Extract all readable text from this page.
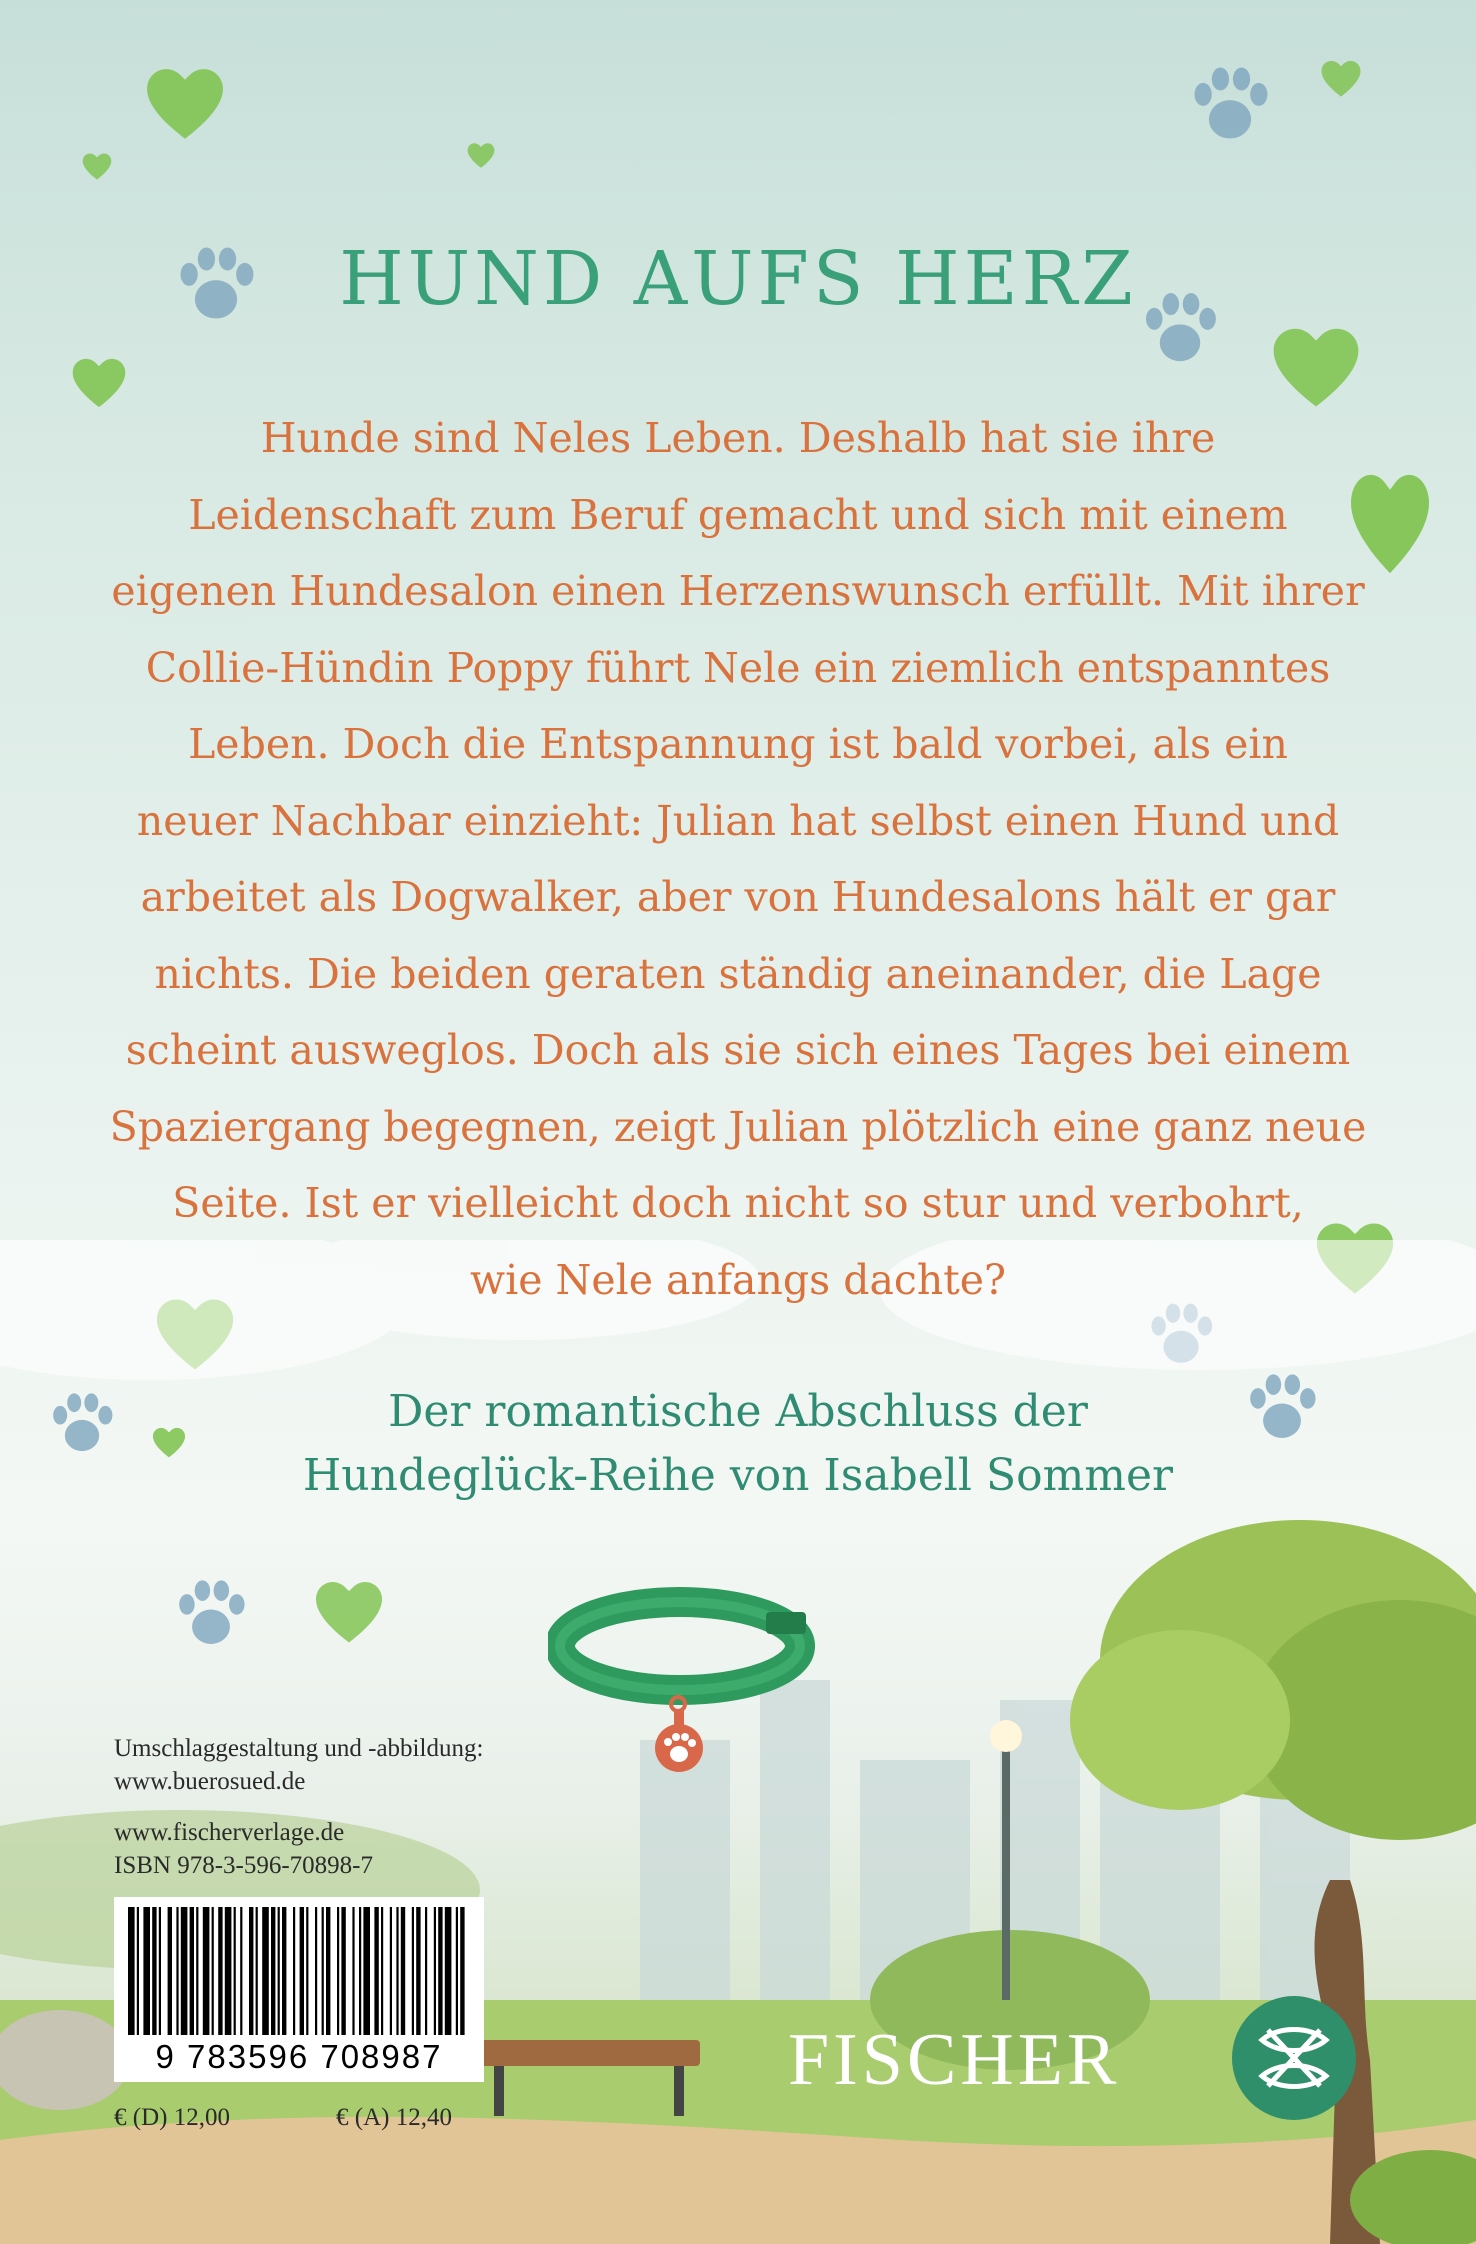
HUND AUFS HERZ
Hunde sind Neles Leben. Deshalb hat sie ihre
Leidenschaft zum Beruf gemacht und sich mit einem
eigenen Hundesalon einen Herzenswunsch erfüllt. Mit ihrer
Collie-Hündin Poppy führt Nele ein ziemlich entspanntes
Leben. Doch die Entspannung ist bald vorbei, als ein
neuer Nachbar einzieht: Julian hat selbst einen Hund und
arbeitet als Dogwalker, aber von Hundesalons hält er gar
nichts. Die beiden geraten ständig aneinander, die Lage
scheint ausweglos. Doch als sie sich eines Tages bei einem
Spaziergang begegnen, zeigt Julian plötzlich eine ganz neue
Seite. Ist er vielleicht doch nicht so stur und verbohrt,
wie Nele anfangs dachte?
Der romantische Abschluss der
Hundeglück-Reihe von Isabell Sommer
Umschlaggestaltung und -abbildung:
www.buerosued.de
www.fischerverlage.de
ISBN 978-3-596-70898-7
9 783596 708987
€ (D) 12,00	€ (A) 12,40
FISCHER
